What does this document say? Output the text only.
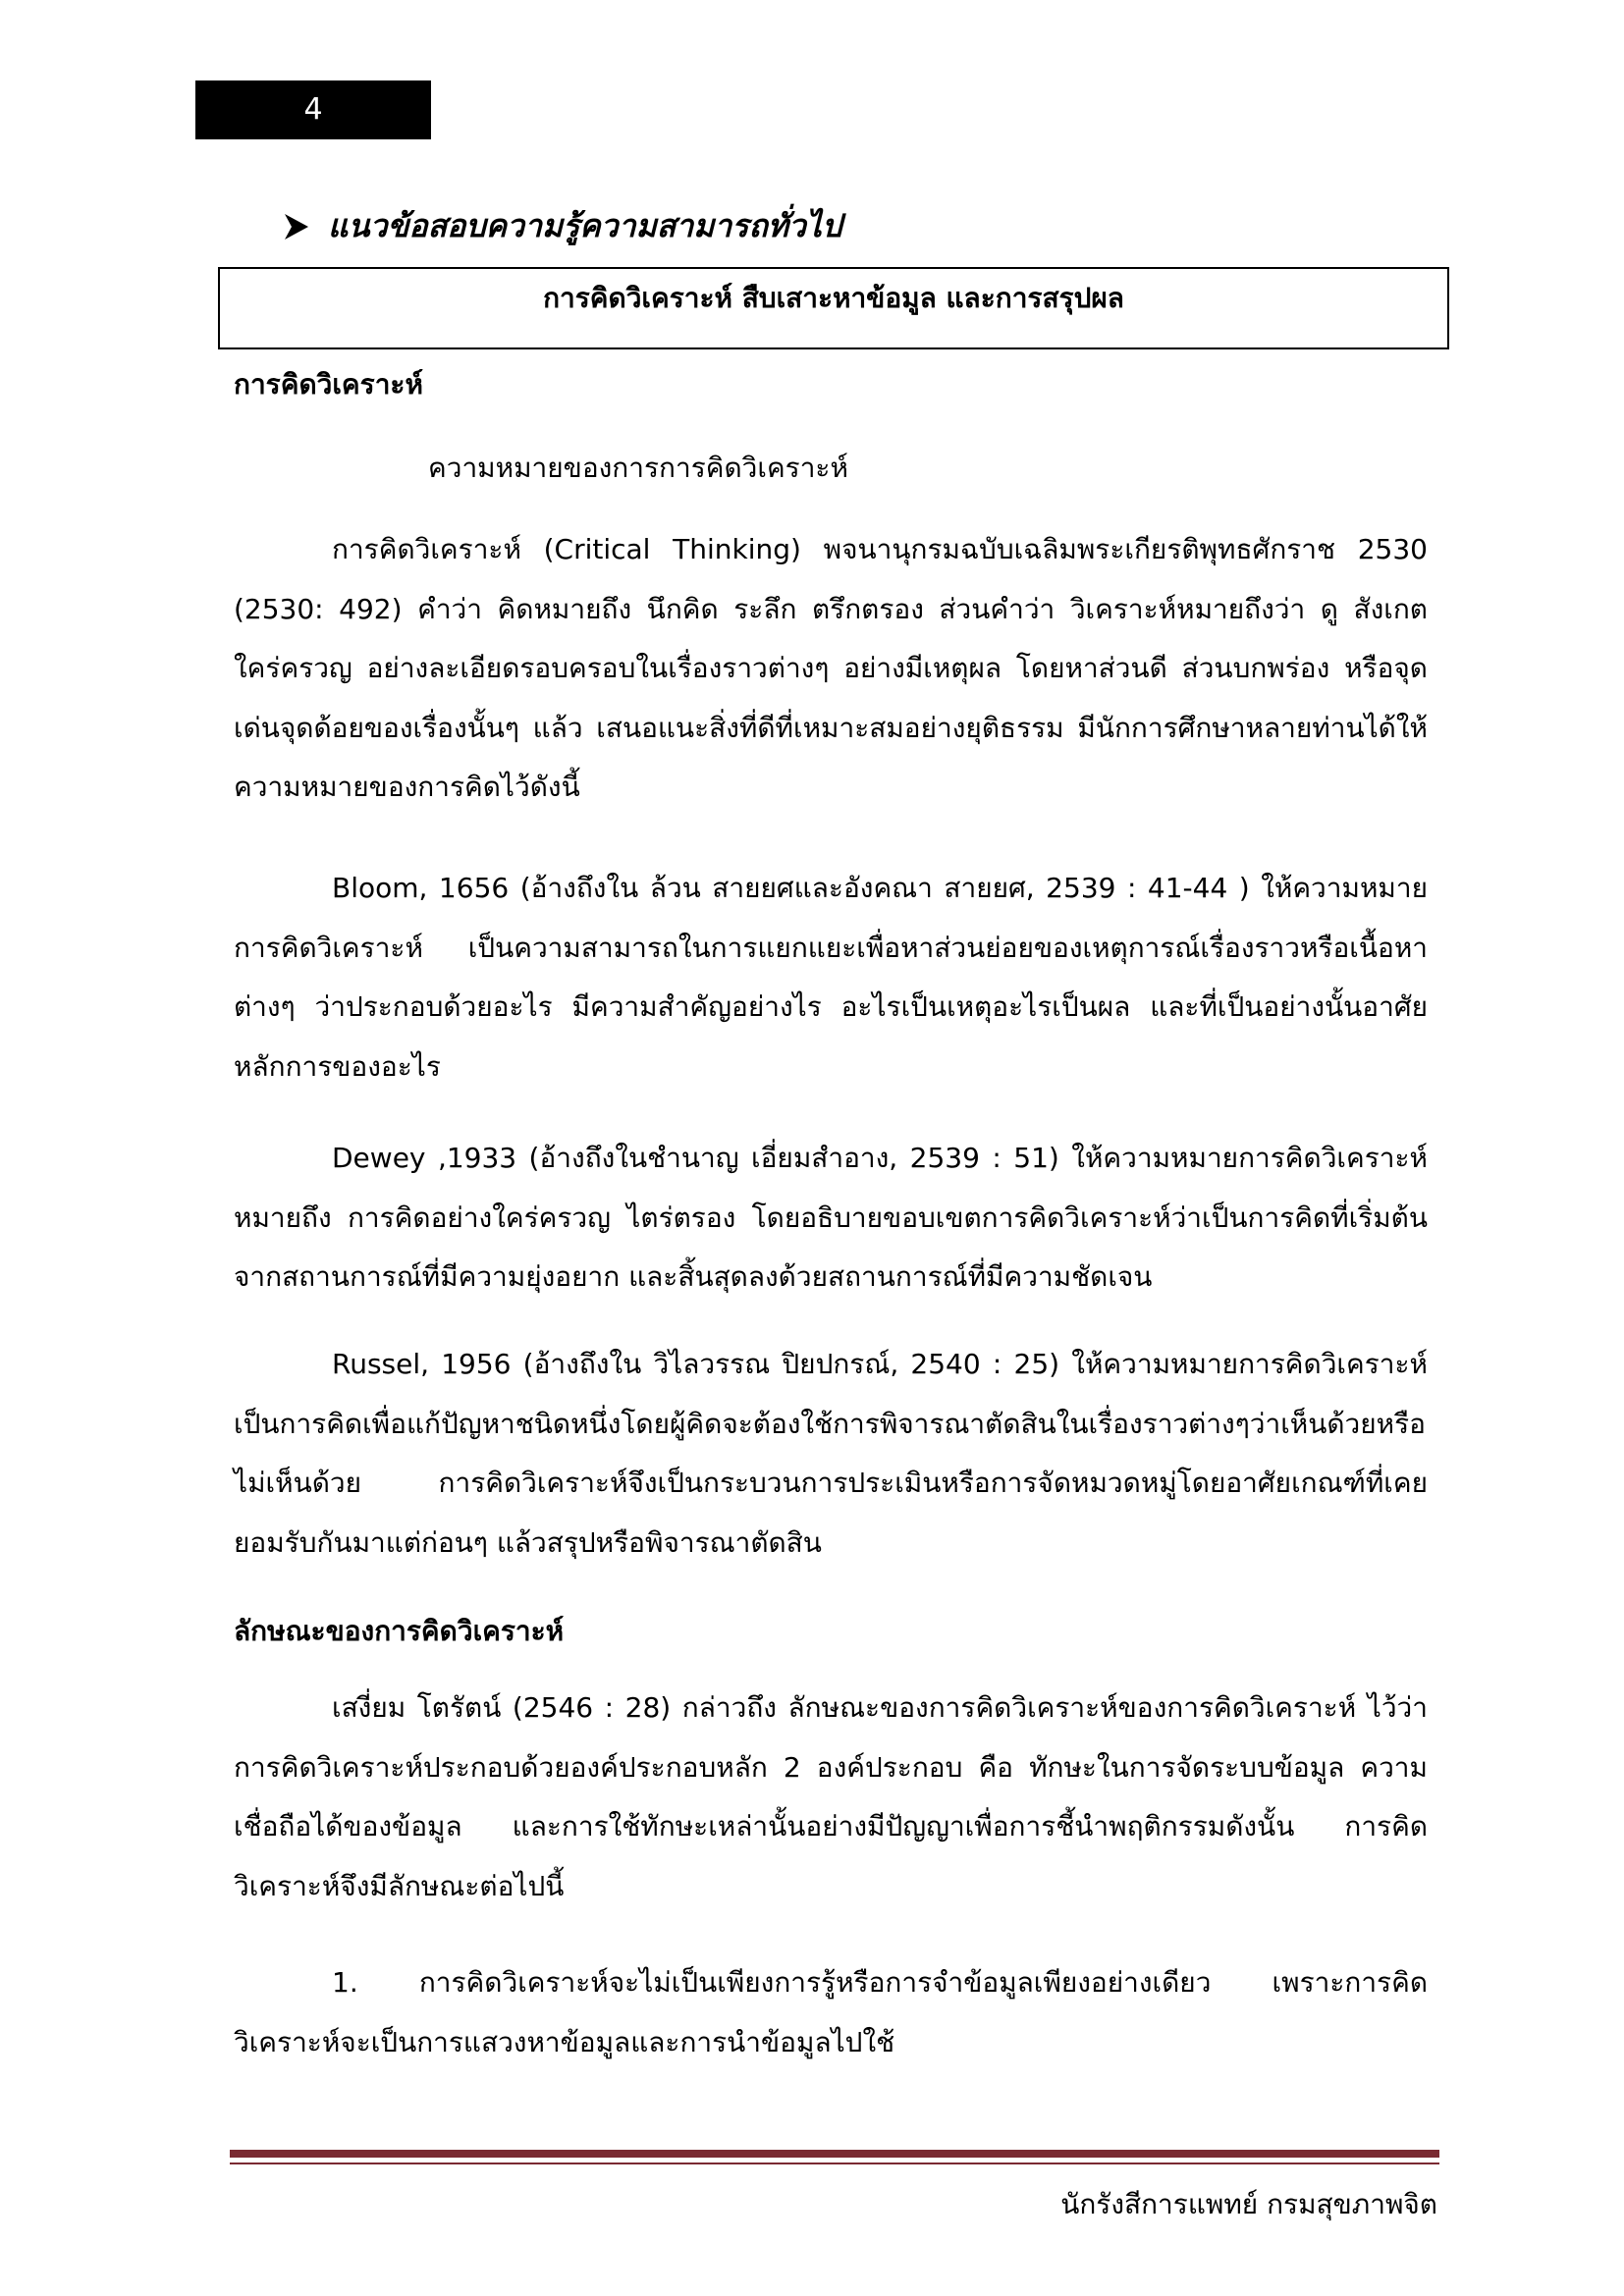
4
แนวข้อสอบความรู้ความสามารถทั่วไป
การคิดวิเคราะห์ สืบเสาะหาข้อมูล และการสรุปผล
การคิดวิเคราะห์
ความหมายของการการคิดวิเคราะห์

การคิดวิเคราะห์ (Critical Thinking) พจนานุกรมฉบับเฉลิมพระเกียรติพุทธศักราช 2530 (2530: 492) คำว่า คิดหมายถึง นึกคิด ระลึก ตรึกตรอง ส่วนคำว่า วิเคราะห์หมายถึงว่า ดู สังเกต ใคร่ครวญ อย่างละเอียดรอบครอบในเรื่องราวต่างๆ อย่างมีเหตุผล โดยหาส่วนดี ส่วนบกพร่อง หรือจุดเด่นจุดด้อยของเรื่องนั้นๆ แล้ว เสนอแนะสิ่งที่ดีที่เหมาะสมอย่างยุติธรรม มีนักการศึกษาหลายท่านได้ให้ความหมายของการคิดไว้ดังนี้

Bloom, 1656 (อ้างถึงใน ล้วน สายยศและอังคณา สายยศ, 2539 : 41-44 ) ให้ความหมายการคิดวิเคราะห์ เป็นความสามารถในการแยกแยะเพื่อหาส่วนย่อยของเหตุการณ์เรื่องราวหรือเนื้อหาต่างๆ ว่าประกอบด้วยอะไร มีความสำคัญอย่างไร อะไรเป็นเหตุอะไรเป็นผล และที่เป็นอย่างนั้นอาศัยหลักการของอะไร

Dewey ,1933 (อ้างถึงในชำนาญ เอี่ยมสำอาง, 2539 : 51) ให้ความหมายการคิดวิเคราะห์ หมายถึง การคิดอย่างใคร่ครวญ ไตร่ตรอง โดยอธิบายขอบเขตการคิดวิเคราะห์ว่าเป็นการคิดที่เริ่มต้นจากสถานการณ์ที่มีความยุ่งอยาก และสิ้นสุดลงด้วยสถานการณ์ที่มีความชัดเจน

Russel, 1956 (อ้างถึงใน วิไลวรรณ ปิยปกรณ์, 2540 : 25) ให้ความหมายการคิดวิเคราะห์เป็นการคิดเพื่อแก้ปัญหาชนิดหนึ่งโดยผู้คิดจะต้องใช้การพิจารณาตัดสินในเรื่องราวต่างๆว่าเห็นด้วยหรือไม่เห็นด้วย การคิดวิเคราะห์จึงเป็นกระบวนการประเมินหรือการจัดหมวดหมู่โดยอาศัยเกณฑ์ที่เคยยอมรับกันมาแต่ก่อนๆ แล้วสรุปหรือพิจารณาตัดสิน

ลักษณะของการคิดวิเคราะห์

เสงี่ยม โตรัตน์ (2546 : 28) กล่าวถึง ลักษณะของการคิดวิเคราะห์ของการคิดวิเคราะห์ ไว้ว่า การคิดวิเคราะห์ประกอบด้วยองค์ประกอบหลัก 2 องค์ประกอบ คือ ทักษะในการจัดระบบข้อมูล ความเชื่อถือได้ของข้อมูล และการใช้ทักษะเหล่านั้นอย่างมีปัญญาเพื่อการชี้นำพฤติกรรมดังนั้น การคิดวิเคราะห์จึงมีลักษณะต่อไปนี้

1. การคิดวิเคราะห์จะไม่เป็นเพียงการรู้หรือการจำข้อมูลเพียงอย่างเดียว เพราะการคิดวิเคราะห์จะเป็นการแสวงหาข้อมูลและการนำข้อมูลไปใช้

นักรังสีการแพทย์ กรมสุขภาพจิต
